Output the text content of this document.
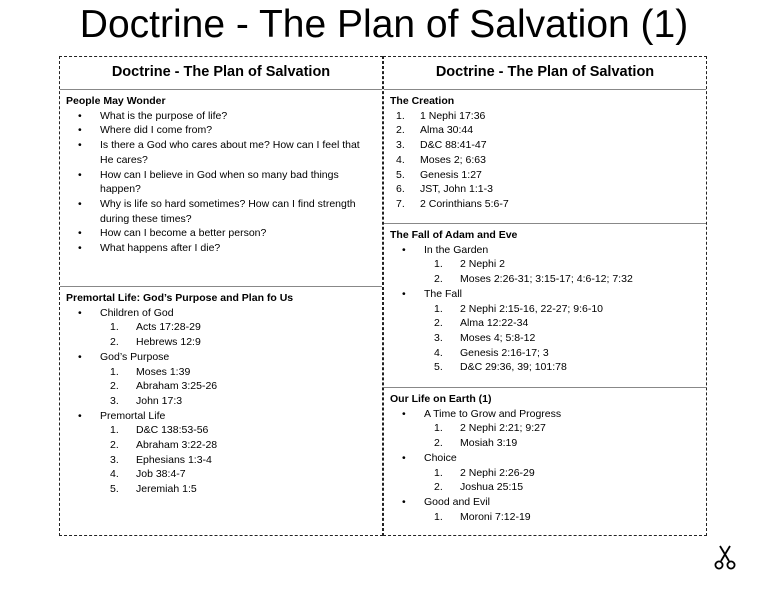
Doctrine - The Plan of Salvation (1)
Doctrine - The Plan of Salvation
People May Wonder
• What is the purpose of life?
• Where did I come from?
• Is there a God who cares about me? How can I feel that He cares?
• How can I believe in God when so many bad things happen?
• Why is life so hard sometimes? How can I find strength during these times?
• How can I become a better person?
• What happens after I die?
Premortal Life: God’s Purpose and Plan fo Us
• Children of God
1. Acts 17:28-29
2. Hebrews 12:9
• God’s Purpose
1. Moses 1:39
2. Abraham 3:25-26
3. John 17:3
• Premortal Life
1. D&C 138:53-56
2. Abraham 3:22-28
3. Ephesians 1:3-4
4. Job 38:4-7
5. Jeremiah 1:5
Doctrine - The Plan of Salvation
The Creation
1. 1 Nephi 17:36
2. Alma 30:44
3. D&C 88:41-47
4. Moses 2; 6:63
5. Genesis 1:27
6. JST, John 1:1-3
7. 2 Corinthians 5:6-7
The Fall of Adam and Eve
• In the Garden
1. 2 Nephi 2
2. Moses 2:26-31; 3:15-17; 4:6-12; 7:32
• The Fall
1. 2 Nephi 2:15-16, 22-27; 9:6-10
2. Alma 12:22-34
3. Moses 4; 5:8-12
4. Genesis 2:16-17; 3
5. D&C 29:36, 39; 101:78
Our Life on Earth (1)
• A Time to Grow and Progress
1. 2 Nephi 2:21; 9:27
2. Mosiah 3:19
• Choice
1. 2 Nephi 2:26-29
2. Joshua 25:15
• Good and Evil
1. Moroni 7:12-19
